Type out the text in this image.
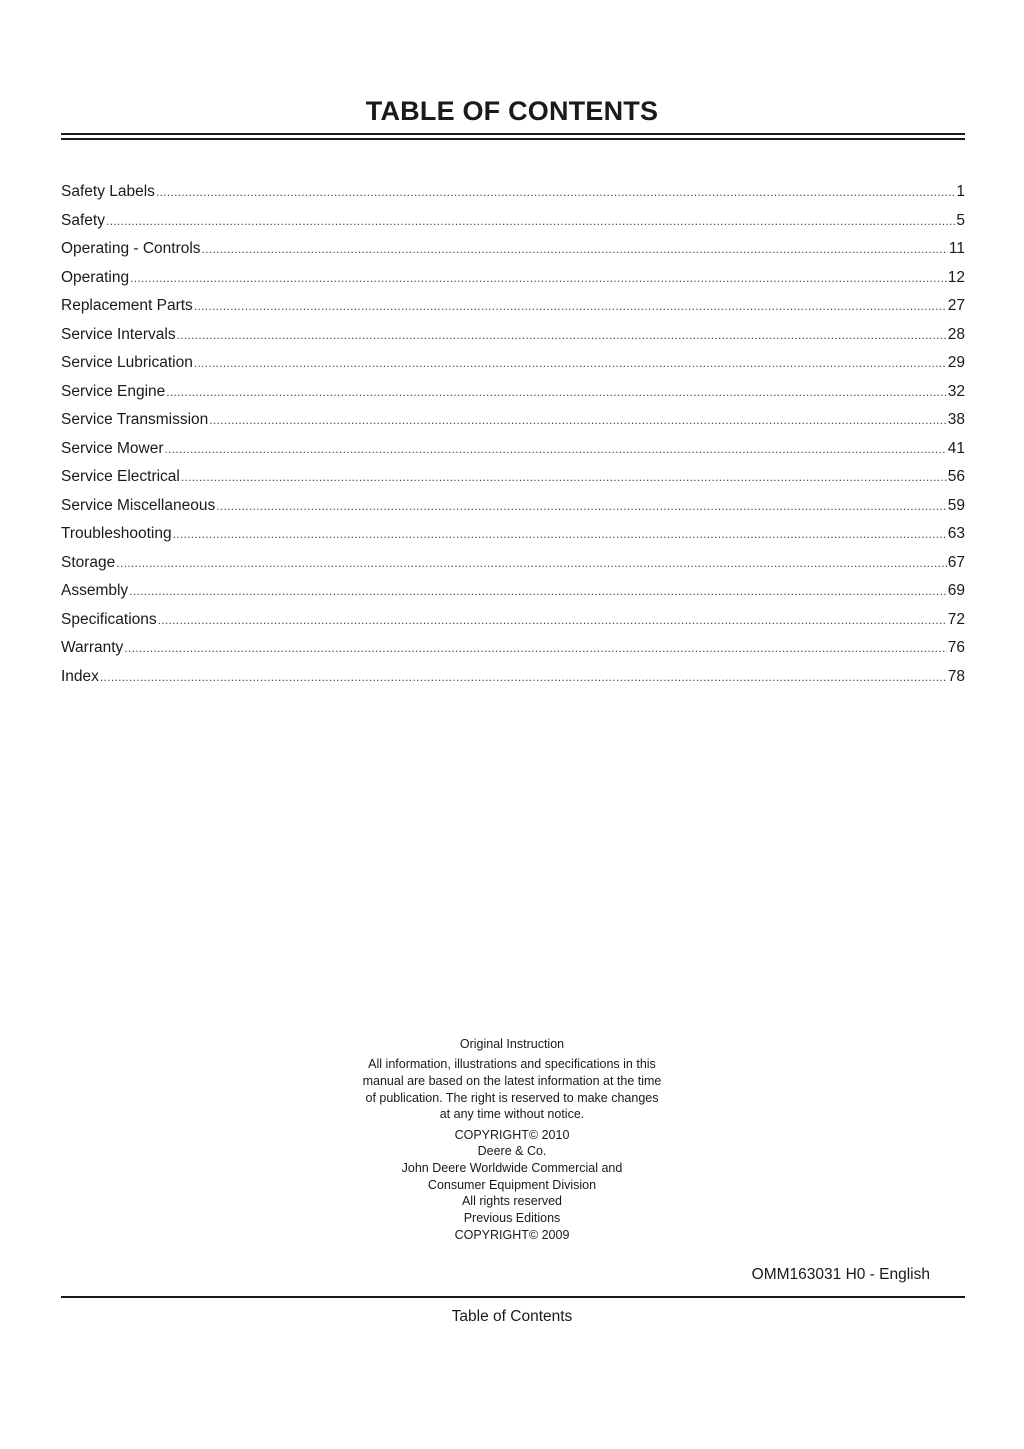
TABLE OF CONTENTS
Safety Labels .....	1
Safety .....	5
Operating - Controls .....	11
Operating .....	12
Replacement Parts .....	27
Service Intervals .....	28
Service Lubrication .....	29
Service Engine .....	32
Service Transmission .....	38
Service Mower .....	41
Service Electrical .....	56
Service Miscellaneous .....	59
Troubleshooting .....	63
Storage .....	67
Assembly .....	69
Specifications .....	72
Warranty .....	76
Index .....	78

Original Instruction

All information, illustrations and specifications in this manual are based on the latest information at the time of publication. The right is reserved to make changes at any time without notice.

COPYRIGHT© 2010
Deere & Co.
John Deere Worldwide Commercial and
Consumer Equipment Division
All rights reserved
Previous Editions
COPYRIGHT© 2009
OMM163031 H0 - English
Table of Contents
